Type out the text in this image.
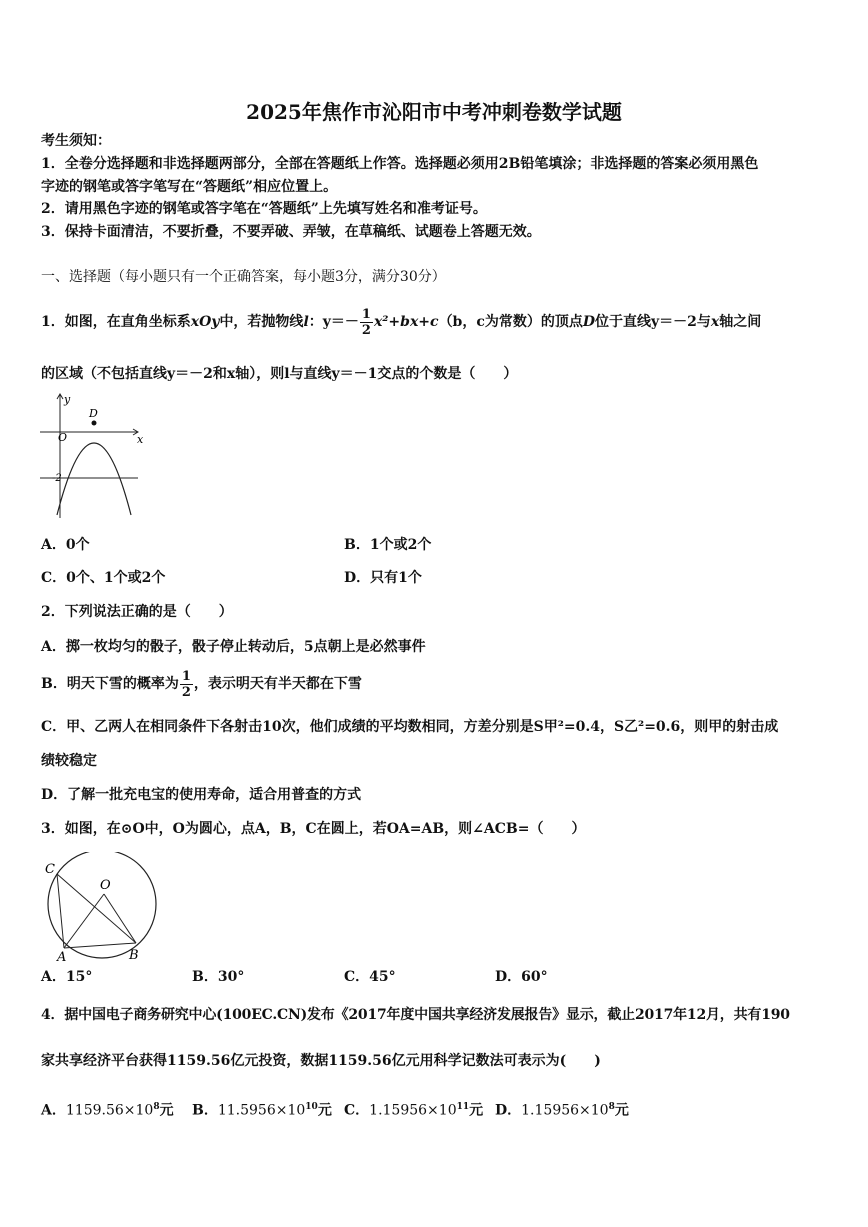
2025年焦作市沁阳市中考冲刺卷数学试题
考生须知：
1．全卷分选择题和非选择题两部分，全部在答题纸上作答。选择题必须用2B铅笔填涂；非选择题的答案必须用黑色
字迹的钢笔或答字笔写在“答题纸”相应位置上。
2．请用黑色字迹的钢笔或答字笔在“答题纸”上先填写姓名和准考证号。
3．保持卡面清洁，不要折叠，不要弄破、弄皱，在草稿纸、试题卷上答题无效。
一、选择题（每小题只有一个正确答案，每小题3分，满分30分）
1．如图，在直角坐标系xOy中，若抛物线l：$y=- \frac{1}{2} x^2+bx+c(b$，c为常数）的顶点D位于直线y＝－2与x轴之间
的区域（不包括直线y＝－2和x轴），则l与直线y＝－1交点的个数是（　　）
y
x
O
D
-2
A．0个	B．1个或2个
C．0个、1个或2个	D．只有1个
2．下列说法正确的是（　　）
A．掷一枚均匀的骰子，骰子停止转动后，5点朝上是必然事件
B．明天下雪的概率为 $\frac{1}{2}$ ，表示明天有半天都在下雪
C．甲、乙两人在相同条件下各射击10次，他们成绩的平均数相同，方差分别是S甲²=0.4，S乙²=0.6，则甲的射击成
绩较稳定
D．了解一批充电宝的使用寿命，适合用普查的方式
3．如图，在⊙O中，O为圆心，点A，B，C在圆上，若OA=AB，则∠ACB=（　　）
C
O
A	B
A．15°	B．30°	C．45°	D．60°
4．据中国电子商务研究中心(100EC.CN)发布《2017年度中国共享经济发展报告》显示，截止2017年12月，共有190
家共享经济平台获得1159.56亿元投资，数据1159.56亿元用科学记数法可表示为(　　)
A．$1159.56\times 10^8$元 B．$11.5956\times 10^{10}$元 C．$1.15956\times 10^{11}$元 D．$1.15956\times 10^8$元
